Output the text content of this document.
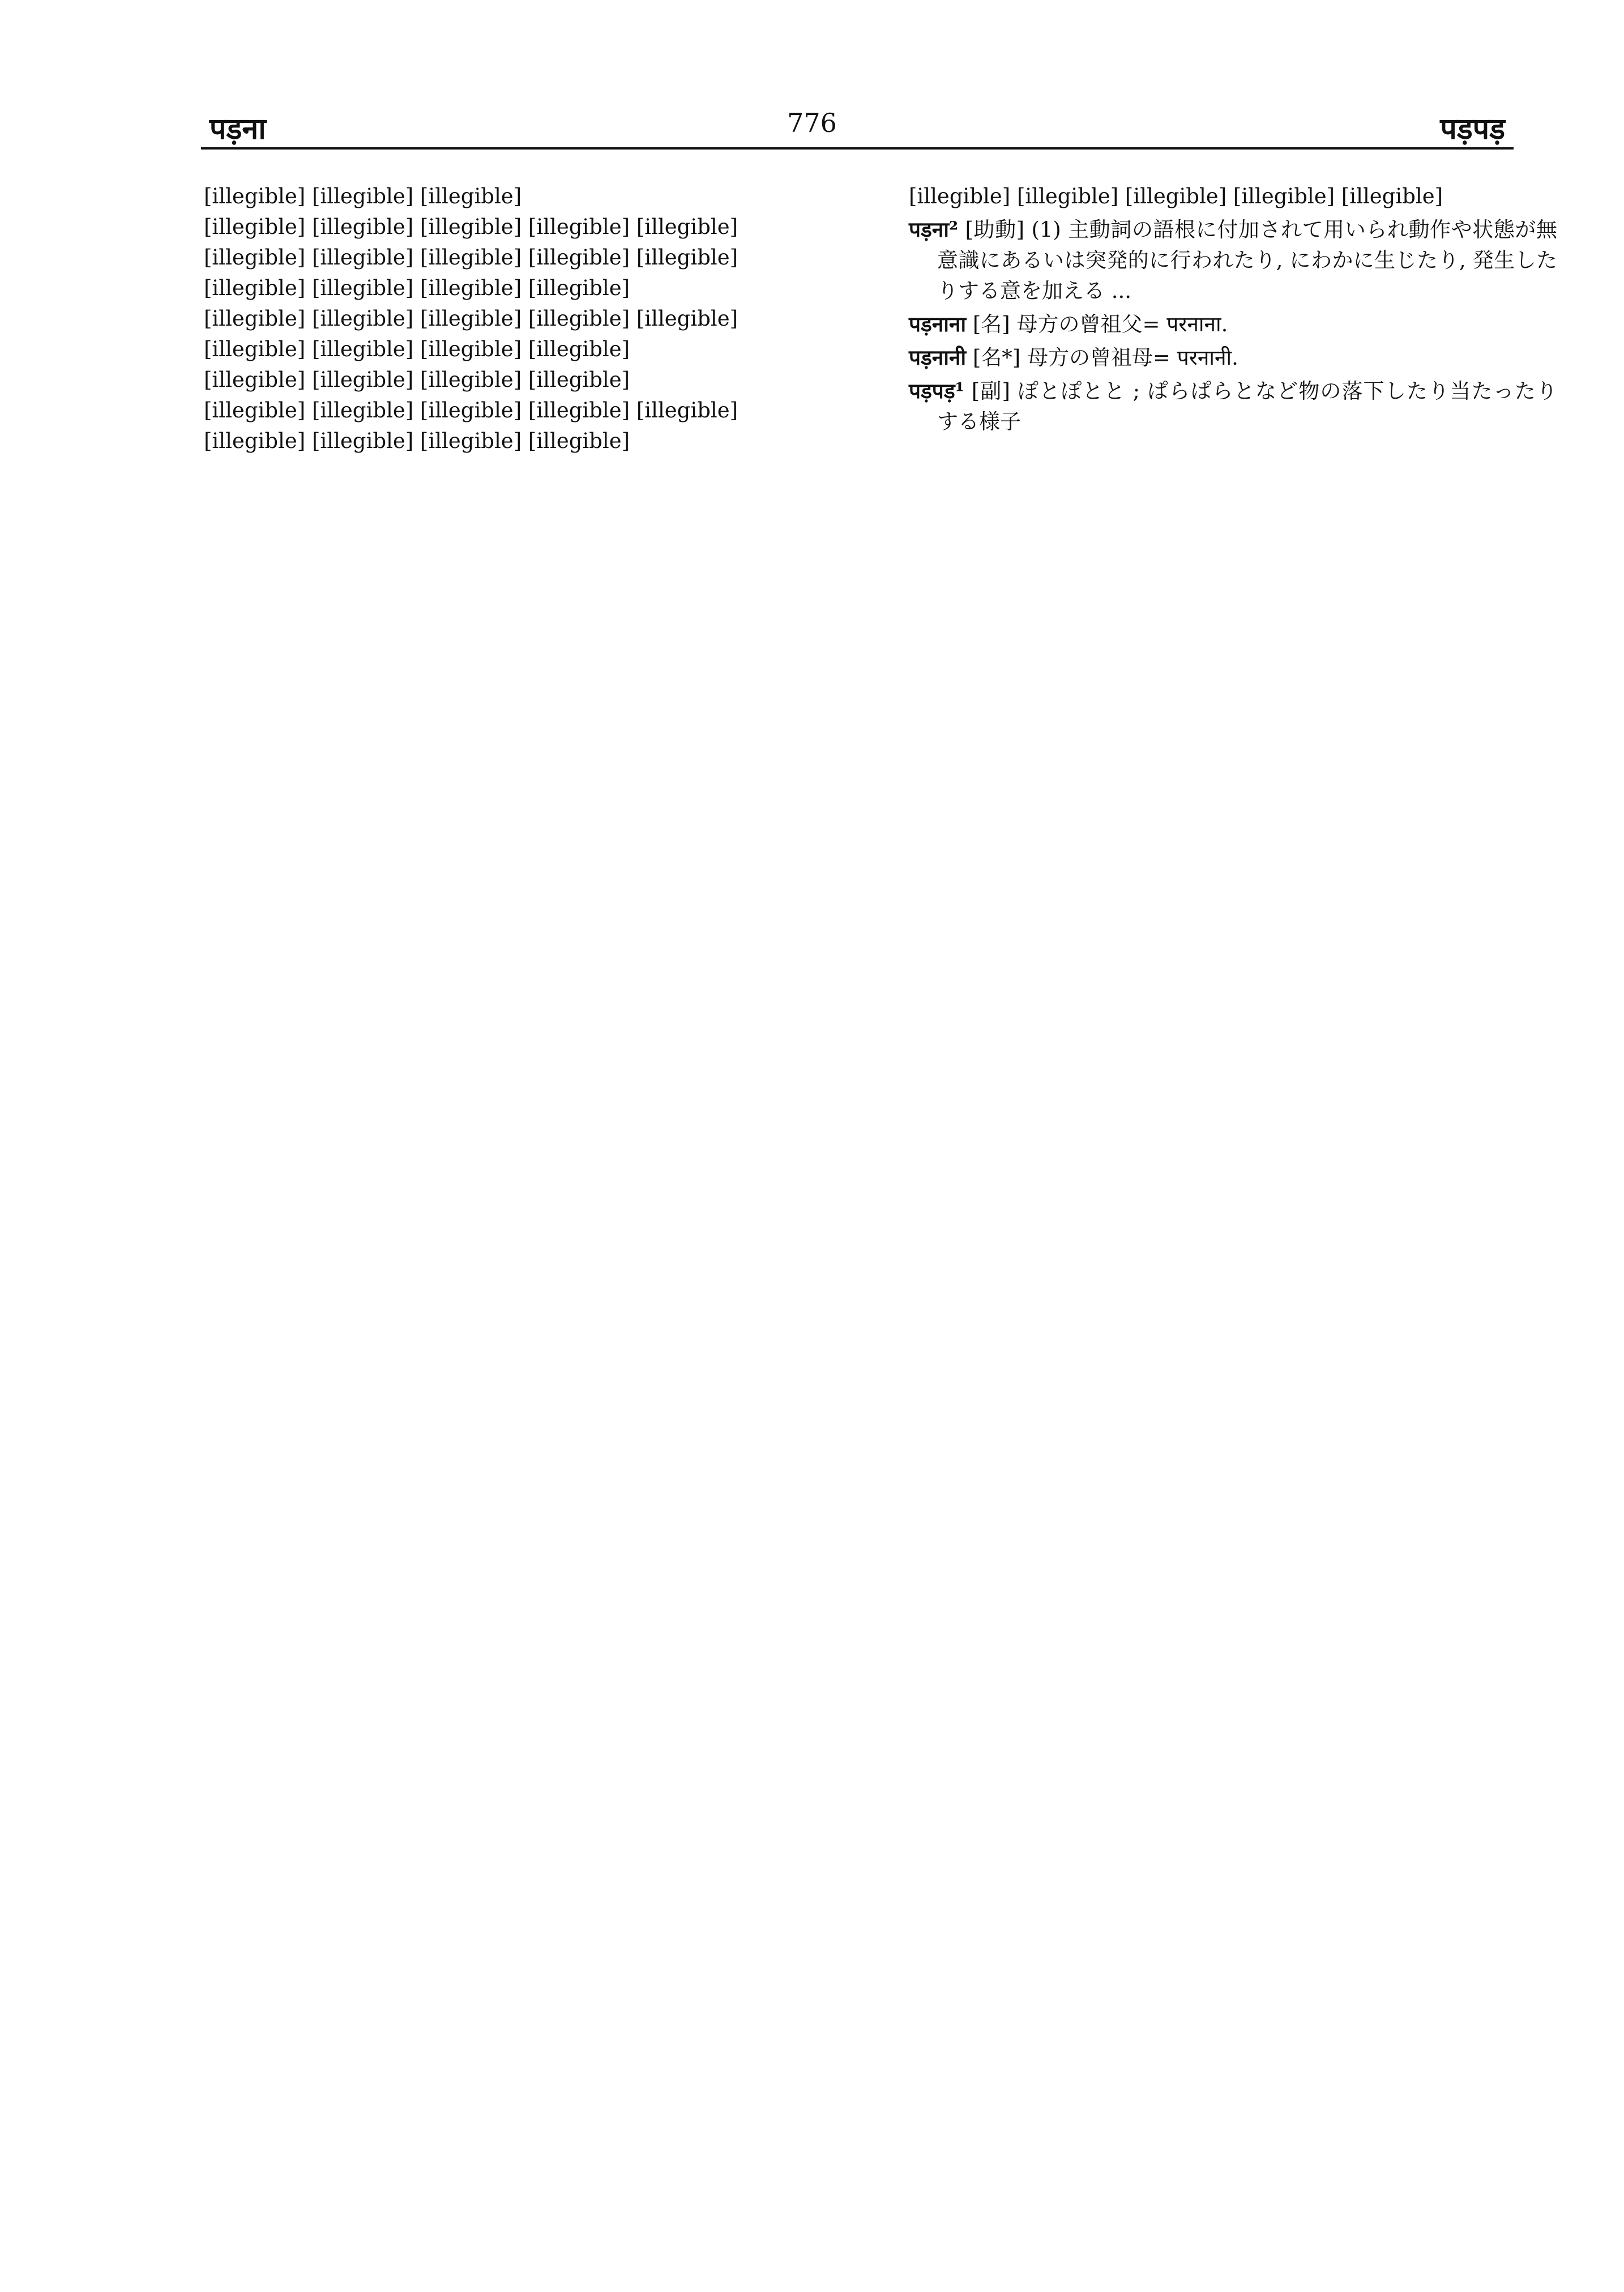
पड़ना	776	पड़पड़

[illegible] [illegible] [illegible]

[illegible] [illegible] [illegible] [illegible] [illegible]

[illegible] [illegible] [illegible] [illegible] [illegible]

[illegible] [illegible] [illegible] [illegible]

[illegible] [illegible] [illegible] [illegible] [illegible]

[illegible] [illegible] [illegible] [illegible]

[illegible] [illegible] [illegible] [illegible]

[illegible] [illegible] [illegible] [illegible] [illegible]

[illegible] [illegible] [illegible] [illegible]

[illegible] [illegible] [illegible] [illegible] [illegible]

पड़ना² [助動] (1) 主動詞の語根に付加されて用いられ動作や状態が無意識にあるいは突発的に行われたり, にわかに生じたり, 発生したりする意を加える ...

पड़नाना [名] 母方の曾祖父= परनाना.

पड़नानी [名*] 母方の曾祖母= परनानी.

पड़पड़¹ [副] ぽとぽとと ; ぱらぱらとなど物の落下したり当たったりする様子
